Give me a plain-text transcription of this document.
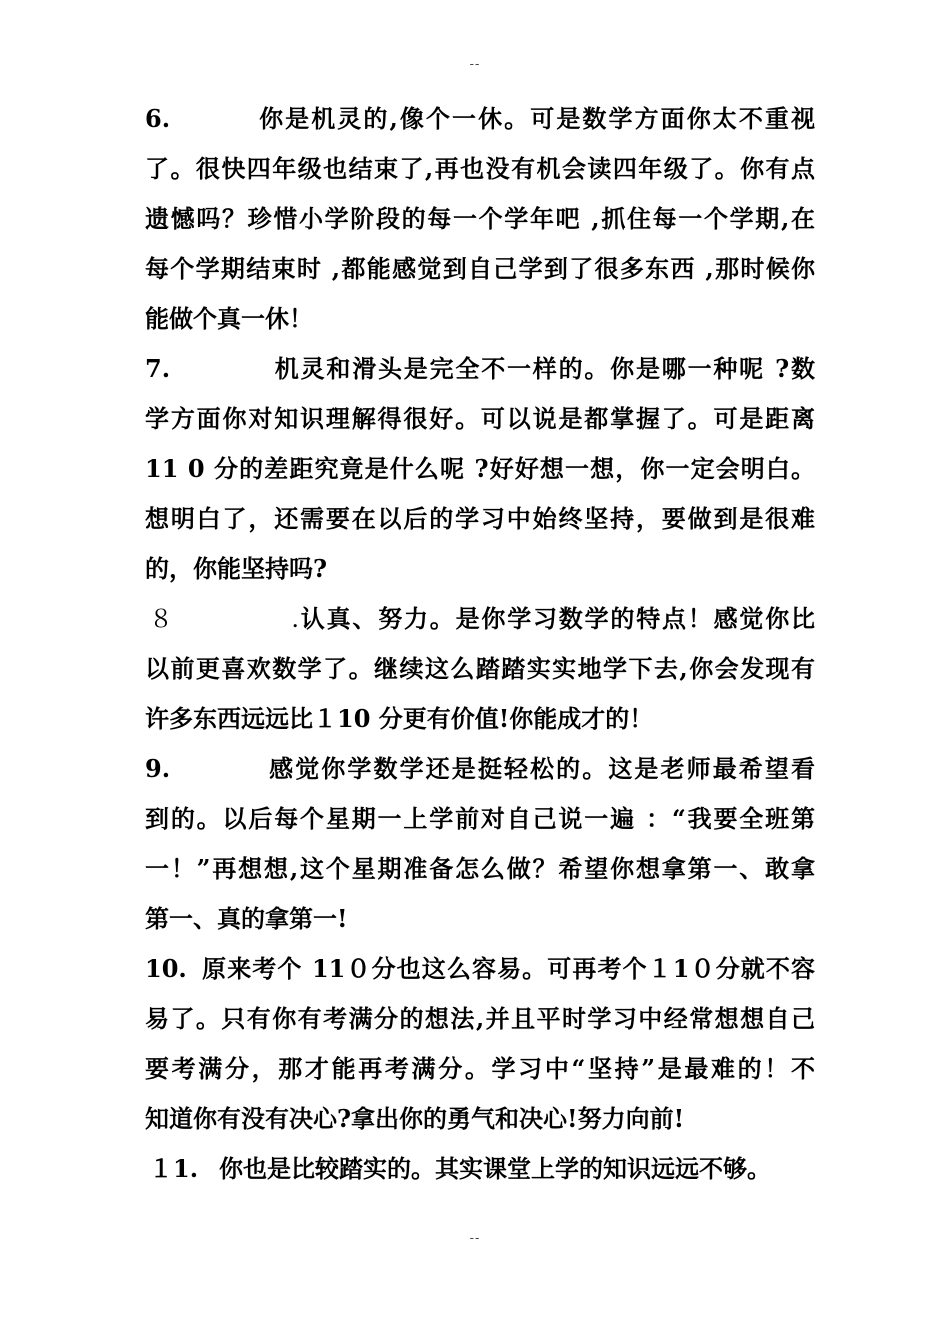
--
6.	你是机灵的,像个一休。可是数学方面你太不重视
了。很快四年级也结束了,再也没有机会读四年级了。你有点
遗憾吗？珍惜小学阶段的每一个学年吧 ,抓住每一个学期,在
每个学期结束时 ,都能感觉到自己学到了很多东西 ,那时候你
能做个真一休！
7.	机灵和滑头是完全不一样的。你是哪一种呢 ?数
学方面你对知识理解得很好。可以说是都掌握了。可是距离
11 0 分的差距究竟是什么呢 ?好好想一想，你一定会明白。
想明白了，还需要在以后的学习中始终坚持，要做到是很难
的，你能坚持吗?
８.认真、努力。是你学习数学的特点！感觉你比
以前更喜欢数学了。继续这么踏踏实实地学下去,你会发现有
许多东西远远比１10 分更有价值!你能成才的！
9.	感觉你学数学还是挺轻松的。这是老师最希望看
到的。以后每个星期一上学前对自己说一遍 ：“我要全班第
一！”再想想,这个星期准备怎么做？希望你想拿第一、敢拿
第一、真的拿第一!
10. 原来考个 11０分也这么容易。可再考个１1０分就不容
易了。只有你有考满分的想法,并且平时学习中经常想想自己
要考满分，那才能再考满分。学习中“坚持”是最难的！不
知道你有没有决心?拿出你的勇气和决心!努力向前!
１1. 你也是比较踏实的。其实课堂上学的知识远远不够。
--
